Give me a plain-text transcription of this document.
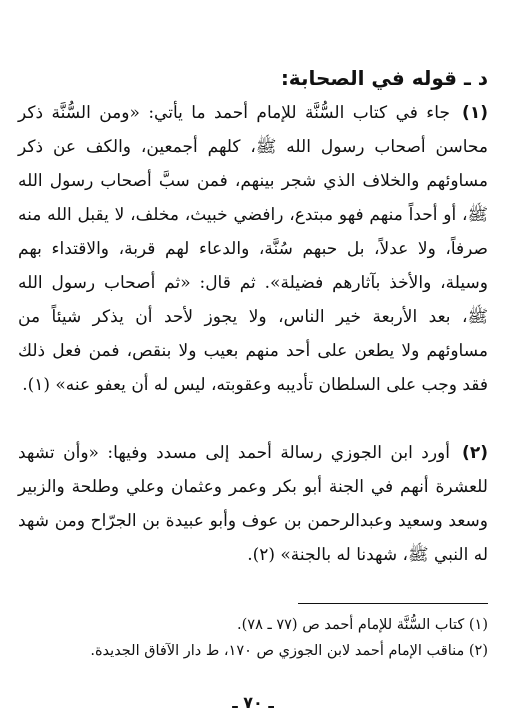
د ـ قوله في الصحابة:
(١)

جاء في كتاب السُّنَّة للإمام أحمد ما يأتي: «ومن السُّنَّة ذكر محاسن أصحاب رسول الله ﷺ، كلهم أجمعين، والكف عن ذكر مساوئهم والخلاف الذي شجر بينهم، فمن سبَّ أصحاب رسول الله ﷺ، أو أحداً منهم فهو مبتدع، رافضي خبيث، مخلف، لا يقبل الله منه صرفاً، ولا عدلاً، بل حبهم سُنَّة، والدعاء لهم قربة، والاقتداء بهم وسيلة، والأخذ بآثارهم فضيلة». ثم قال: «ثم أصحاب رسول الله ﷺ، بعد الأربعة خير الناس، ولا يجوز لأحد أن يذكر شيئاً من مساوئهم ولا يطعن على أحد منهم بعيب ولا بنقص، فمن فعل ذلك فقد وجب على السلطان تأديبه وعقوبته، ليس له أن يعفو عنه» (١).

(٢)

أورد ابن الجوزي رسالة أحمد إلى مسدد وفيها: «وأن تشهد للعشرة أنهم في الجنة أبو بكر وعمر وعثمان وعلي وطلحة والزبير وسعد وسعيد وعبدالرحمن بن عوف وأبو عبيدة بن الجرّاح ومن شهد له النبي ﷺ، شهدنا له بالجنة» (٢).

(١) كتاب السُّنَّة للإمام أحمد ص (٧٧ ـ ٧٨).
(٢) مناقب الإمام أحمد لابن الجوزي ص ١٧٠، ط دار الآفاق الجديدة.
ـ ٧٠ ـ
